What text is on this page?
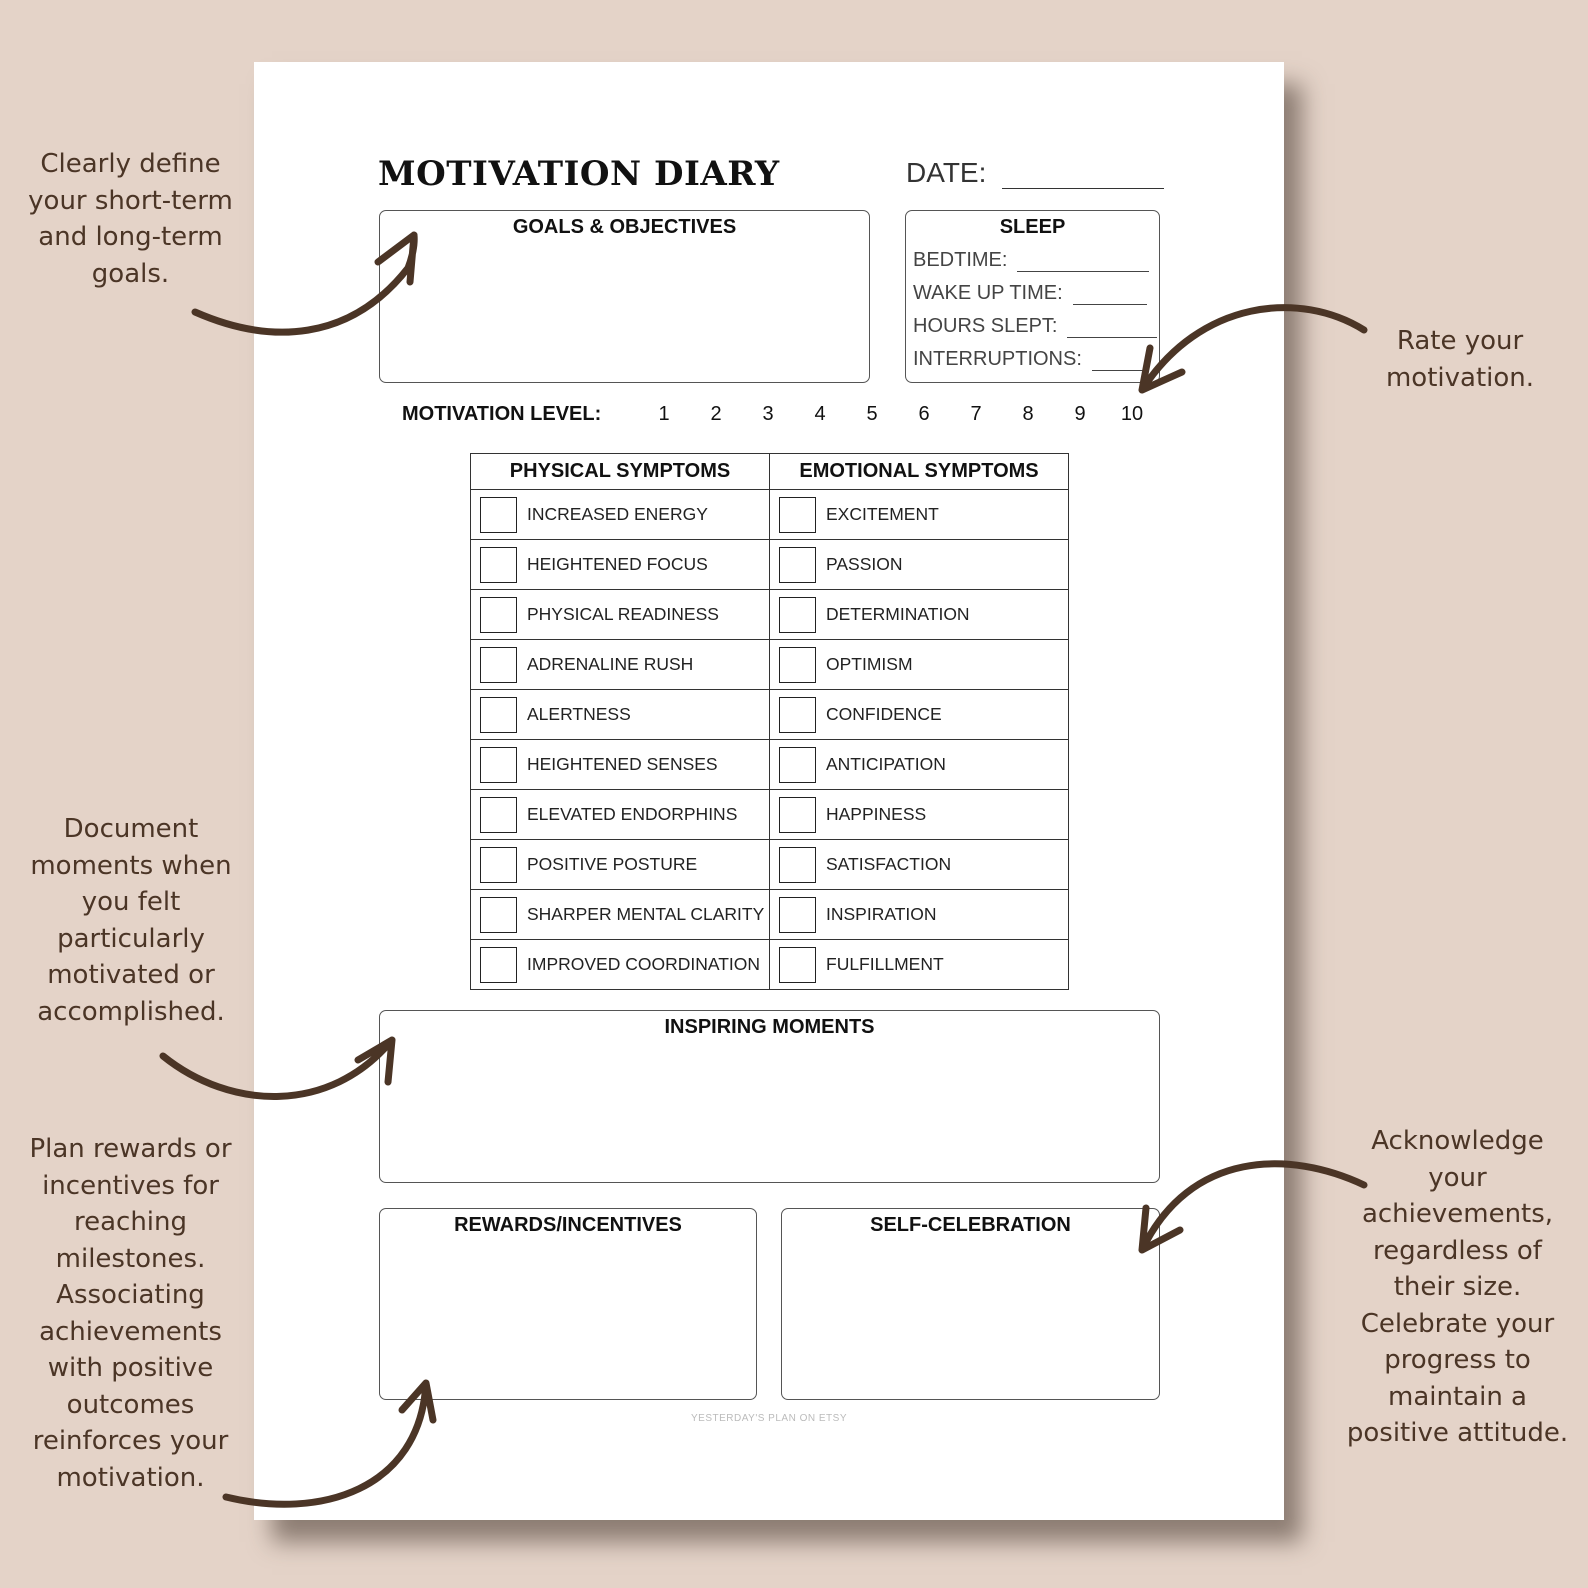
Clearly define your short-term and long-term goals.
Rate your motivation.
Document moments when you felt particularly motivated or accomplished.
Plan rewards or incentives for reaching milestones. Associating achievements with positive outcomes reinforces your motivation.
Acknowledge your achievements, regardless of their size. Celebrate your progress to maintain a positive attitude.
MOTIVATION DIARY	DATE:
GOALS & OBJECTIVES	SLEEP
BEDTIME:
WAKE UP TIME:
HOURS SLEPT:
INTERRUPTIONS:
MOTIVATION LEVEL:	1	2	3	4	5	6	7	8	9	10
PHYSICAL SYMPTOMS	EMOTIONAL SYMPTOMS

INCREASED ENERGY	EXCITEMENT

HEIGHTENED FOCUS	PASSION

PHYSICAL READINESS	DETERMINATION

ADRENALINE RUSH	OPTIMISM

ALERTNESS	CONFIDENCE

HEIGHTENED SENSES	ANTICIPATION

ELEVATED ENDORPHINS	HAPPINESS

POSITIVE POSTURE	SATISFACTION

SHARPER MENTAL CLARITY	INSPIRATION

IMPROVED COORDINATION	FULFILLMENT
INSPIRING MOMENTS
REWARDS/INCENTIVES	SELF-CELEBRATION
YESTERDAY'S PLAN ON ETSY
